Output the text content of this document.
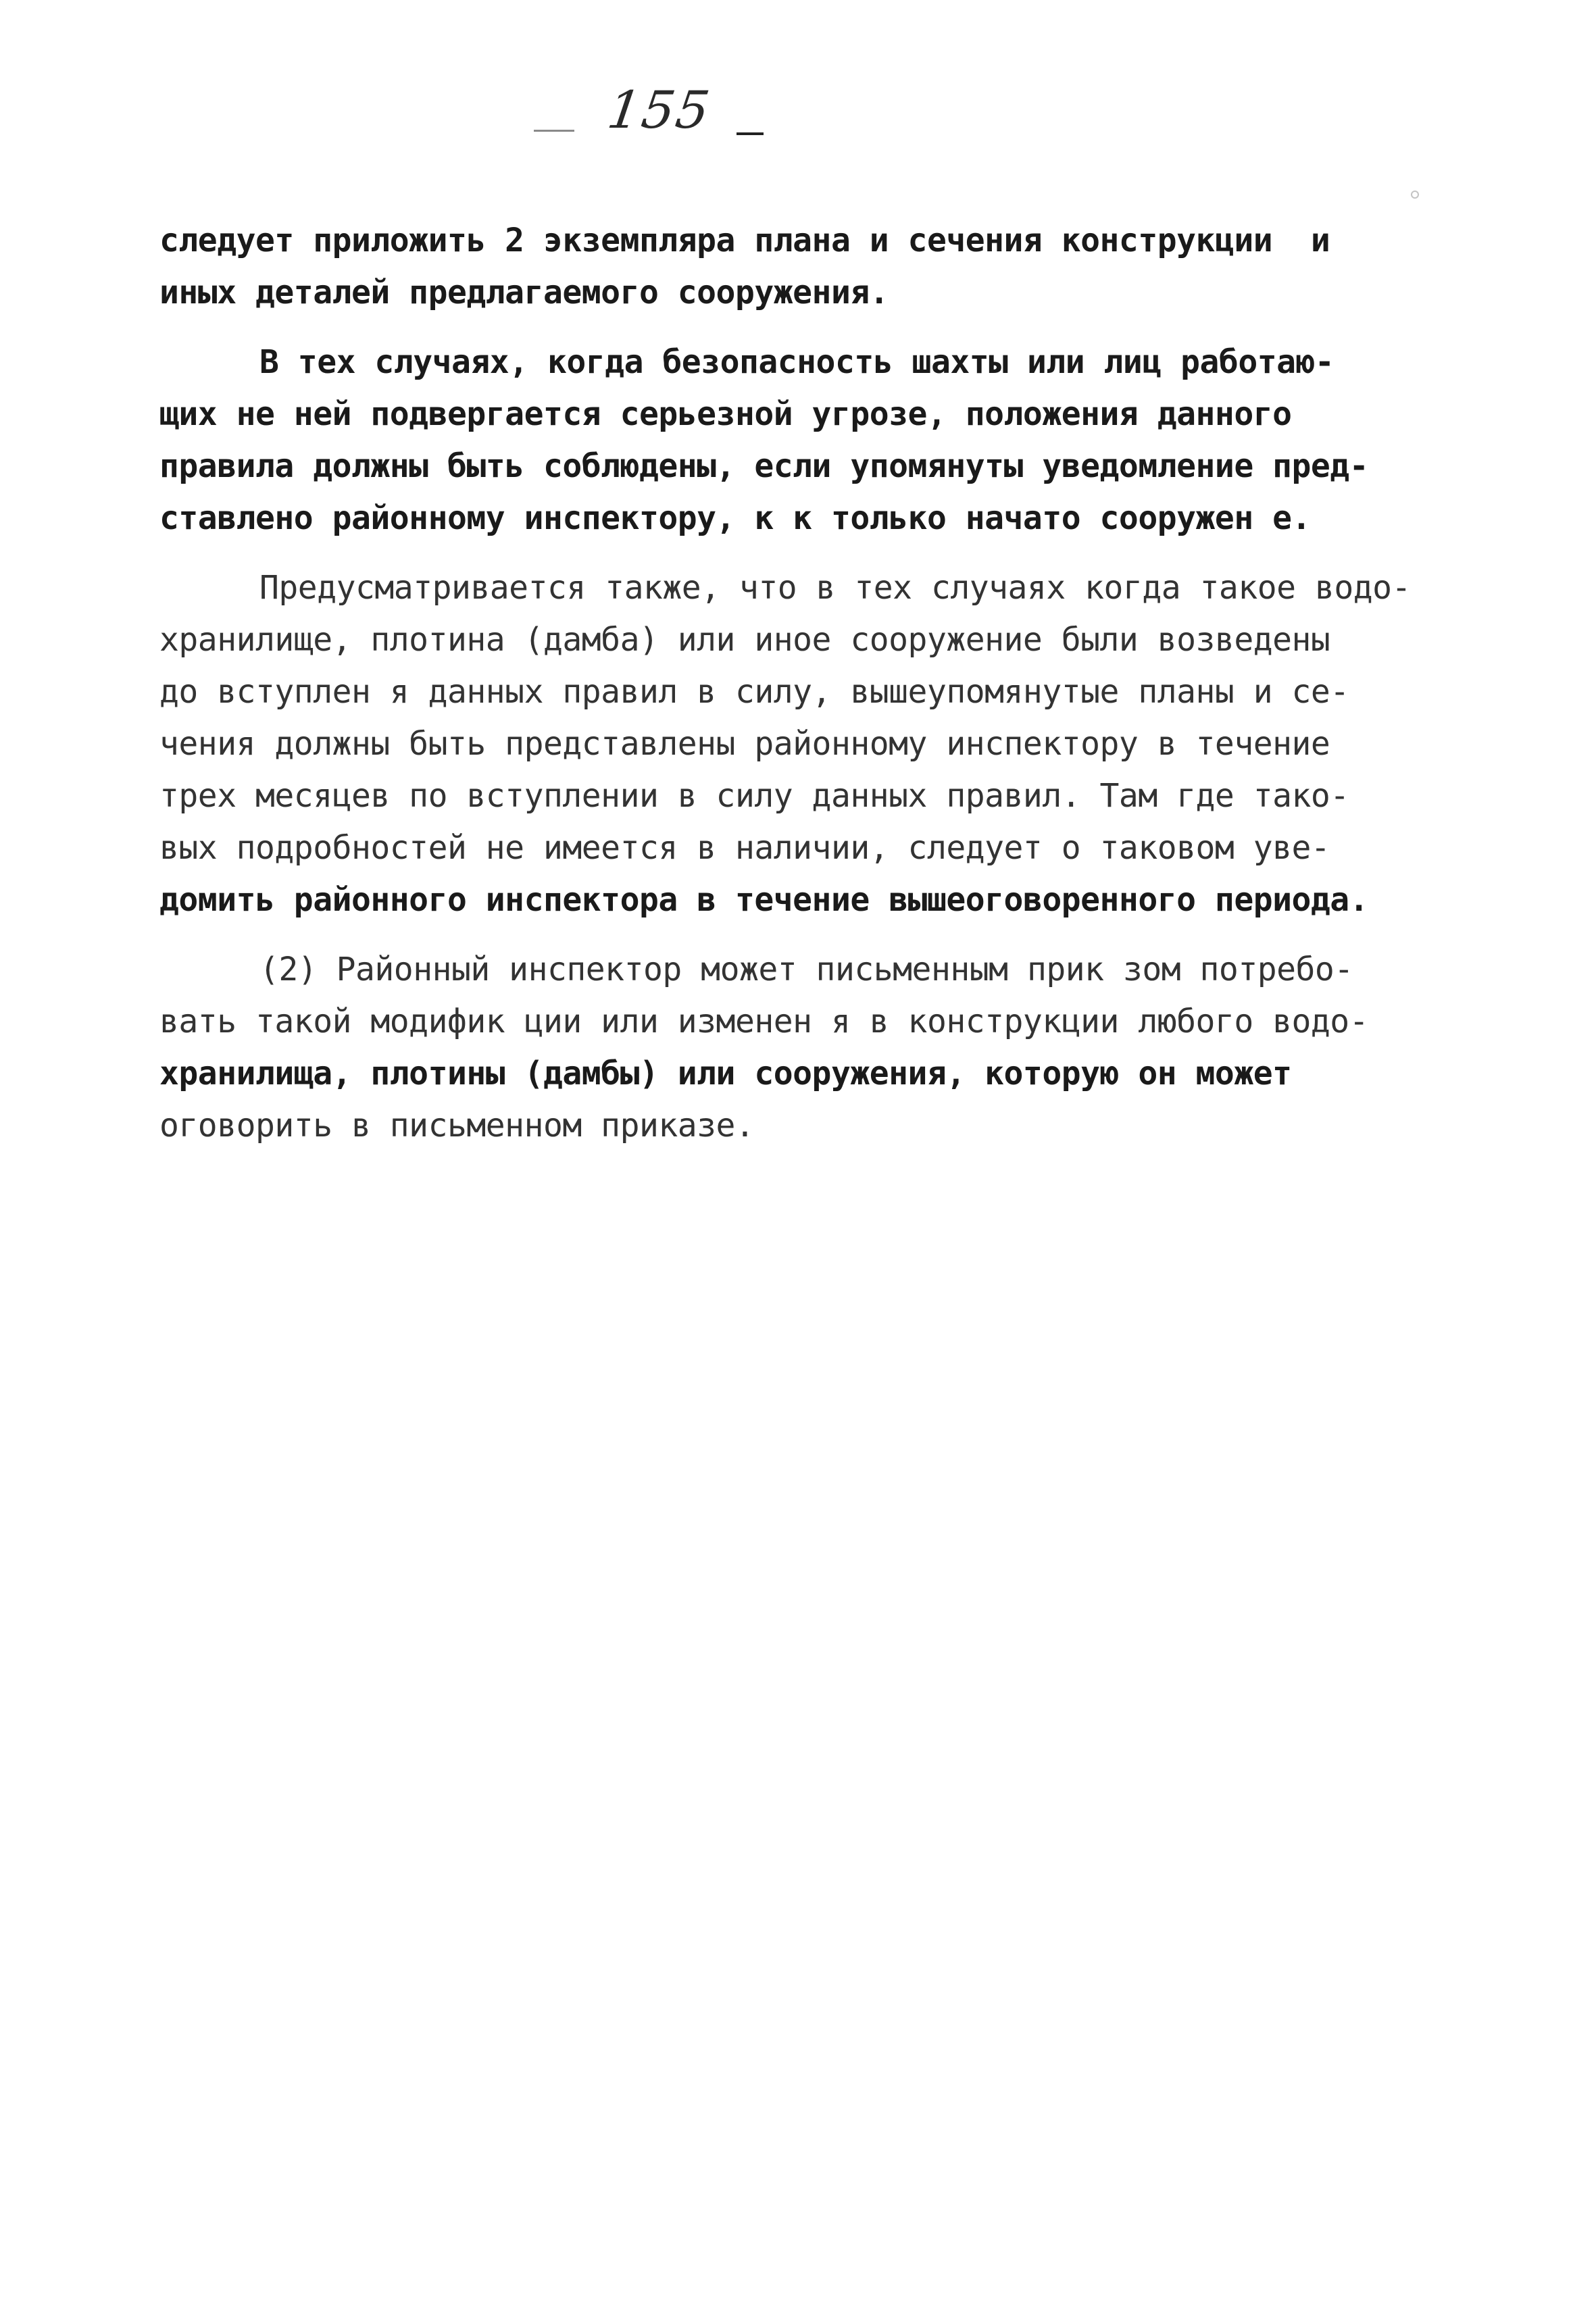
155
следует приложить 2 экземпляра плана и сечения конструкции  и
иных деталей предлагаемого сооружения.
В тех случаях, когда безопасность шахты или лиц работаю-
щих не ней подвергается серьезной угрозе, положения данного
правила должны быть соблюдены, если упомянуты уведомление пред-
ставлено районному инспектору, к к только начато сооружен е.
Предусматривается также, что в тех случаях когда такое водо-
хранилище, плотина (дамба) или иное сооружение были возведены
до вступлен я данных правил в силу, вышеупомянутые планы и се-
чения должны быть представлены районному инспектору в течение
трех месяцев по вступлении в силу данных правил. Там где тако-
вых подробностей не имеется в наличии, следует о таковом уве-
домить районного инспектора в течение вышеоговоренного периода.
(2) Районный инспектор может письменным прик зом потребо-
вать такой модифик ции или изменен я в конструкции любого водо-
хранилища, плотины (дамбы) или сооружения, которую он может
оговорить в письменном приказе.
